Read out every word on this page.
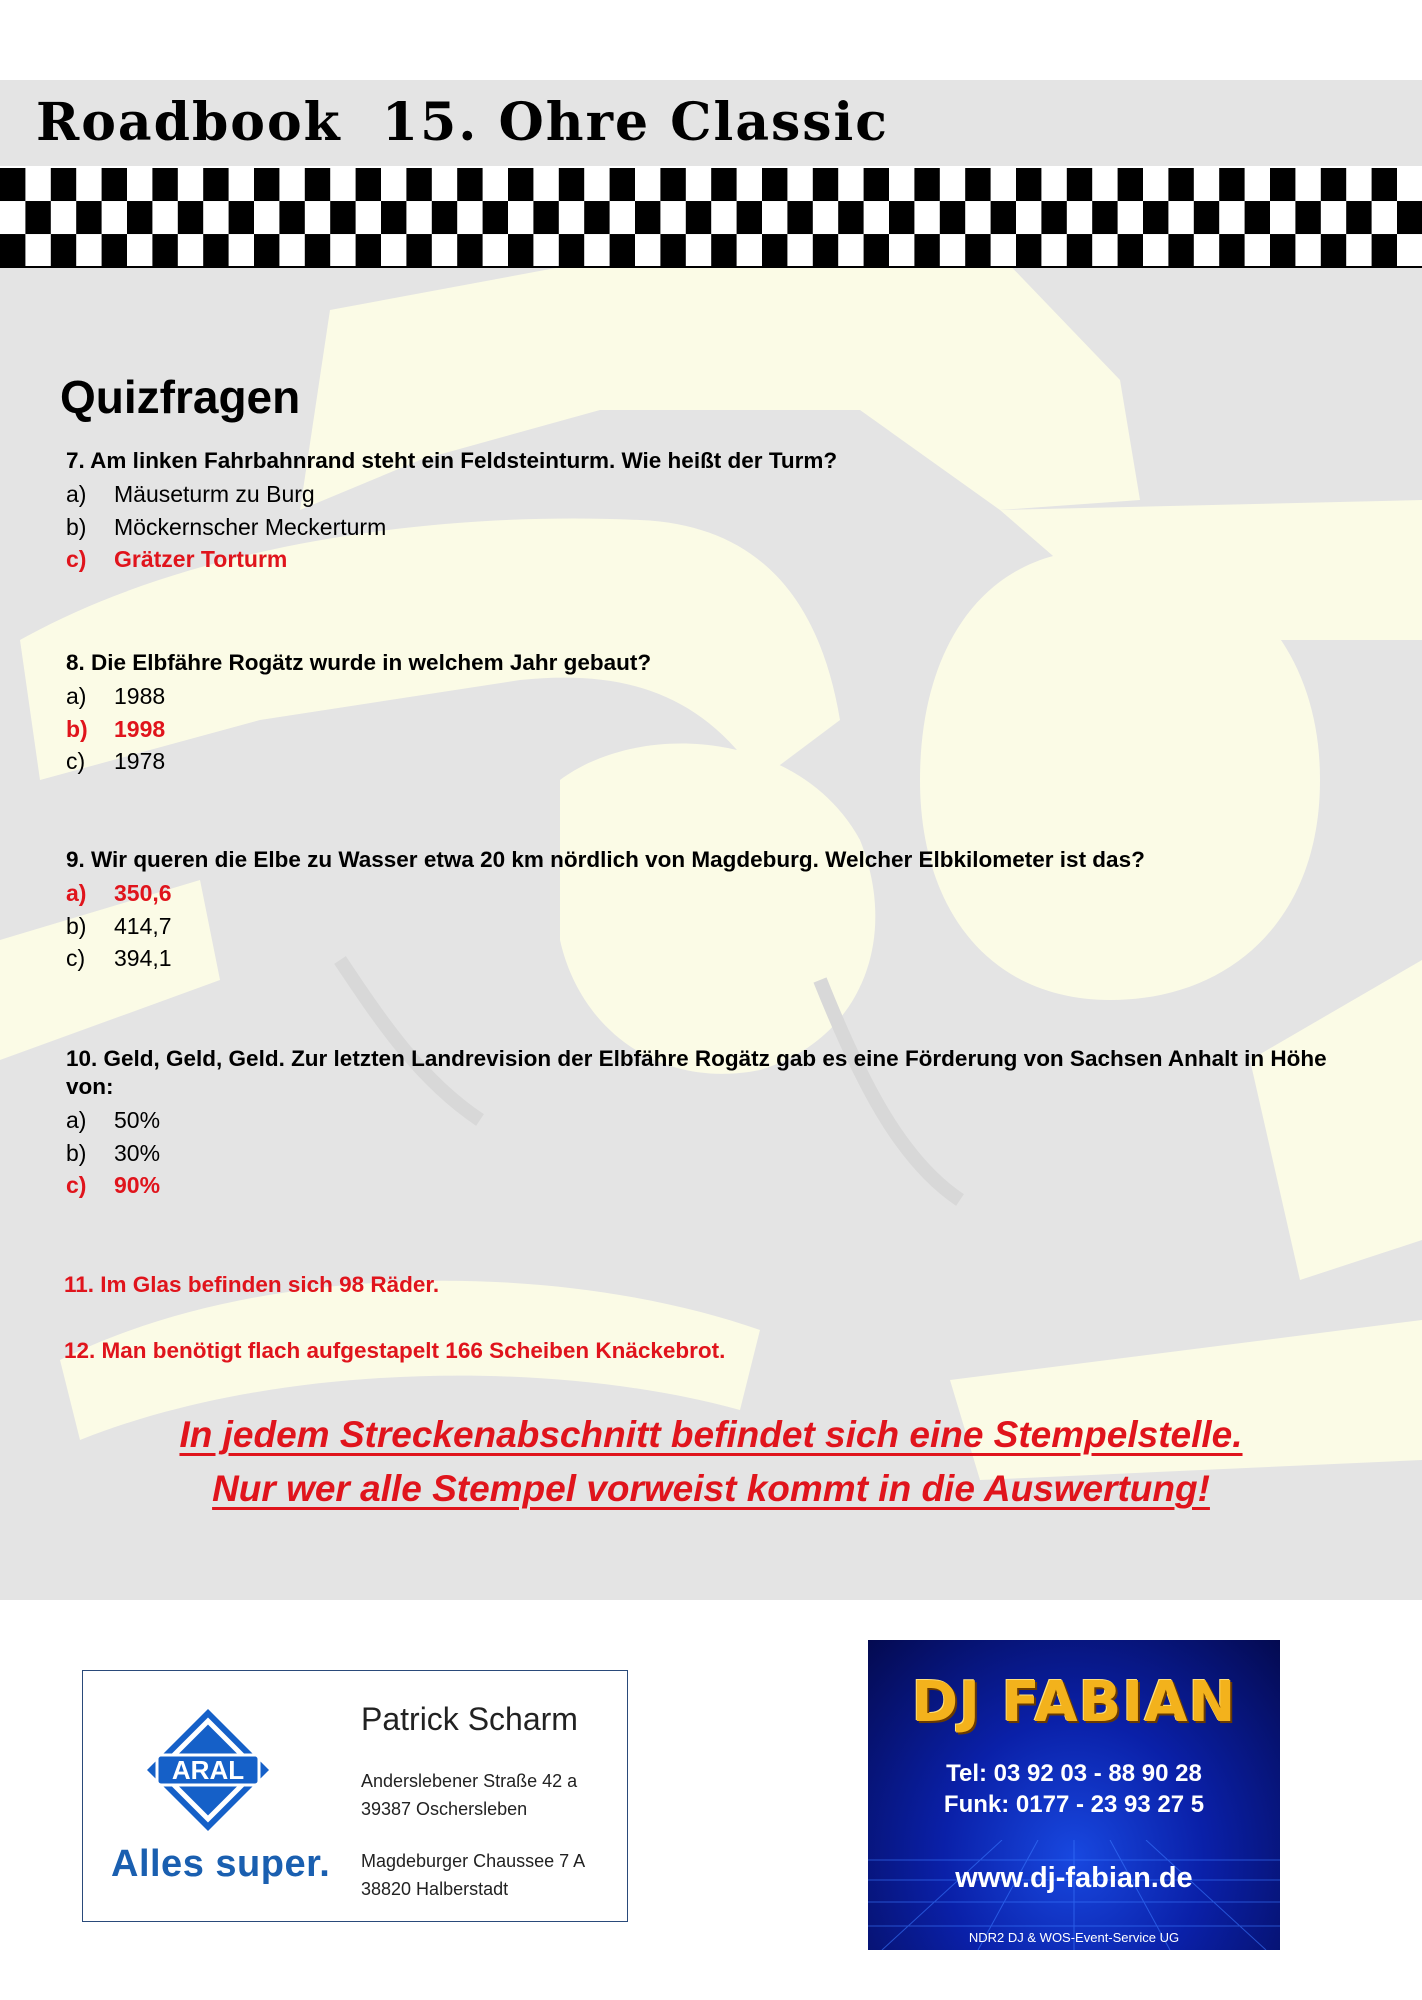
Roadbook  15. Ohre Classic
Quizfragen

7. Am linken Fahrbahnrand steht ein Feldsteinturm. Wie heißt der Turm?

a)	Mäuseturm zu Burg
b)	Möckernscher Meckerturm
c)	Grätzer Torturm

8. Die Elbfähre Rogätz wurde in welchem Jahr gebaut?

a)	1988
b)	1998
c)	1978

9. Wir queren die Elbe zu Wasser etwa 20 km nördlich von Magdeburg. Welcher Elbkilometer ist das?

a)	350,6
b)	414,7
c)	394,1

10. Geld, Geld, Geld. Zur letzten Landrevision der Elbfähre Rogätz gab es eine Förderung von Sachsen Anhalt in Höhe von:

a)	50%
b)	30%
c)	90%
11. Im Glas befinden sich 98 Räder.
12. Man benötigt flach aufgestapelt 166 Scheiben Knäckebrot.
In jedem Streckenabschnitt befindet sich eine Stempelstelle.
Nur wer alle Stempel vorweist kommt in die Auswertung!
ARAL
Alles super.
Patrick Scharm
Anderslebener Straße 42 a
39387 Oschersleben
Magdeburger Chaussee 7 A
38820 Halberstadt
DJ FABIAN
Tel: 03 92 03 - 88 90 28
Funk: 0177 - 23 93 27 5
www.dj-fabian.de
NDR2 DJ & WOS-Event-Service UG
